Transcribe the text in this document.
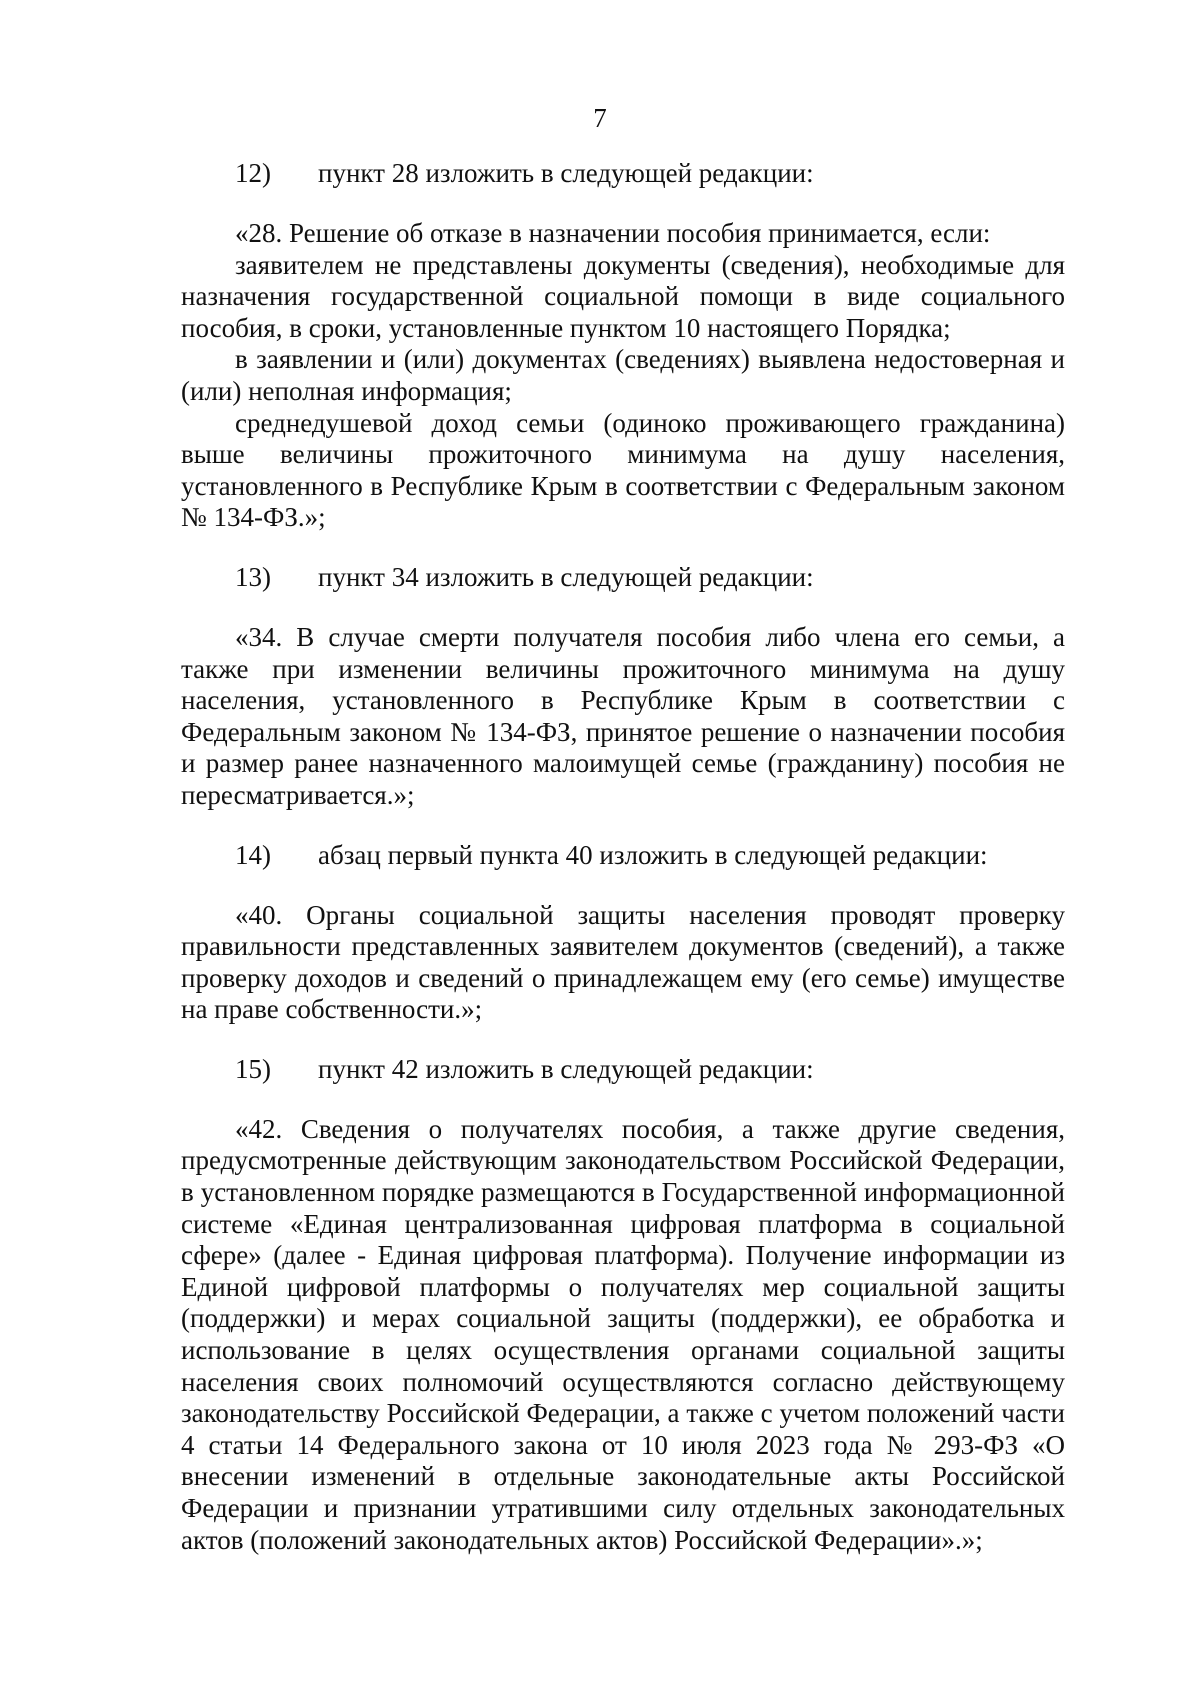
7
12) пункт 28 изложить в следующей редакции:

«28. Решение об отказе в назначении пособия принимается, если:

заявителем не представлены документы (сведения), необходимые для назначения государственной социальной помощи в виде социального пособия, в сроки, установленные пунктом 10 настоящего Порядка;

в заявлении и (или) документах (сведениях) выявлена недостоверная и (или) неполная информация;

среднедушевой доход семьи (одиноко проживающего гражданина) выше величины прожиточного минимума на душу населения, установленного в Республике Крым в соответствии с Федеральным законом № 134-ФЗ.»;

13) пункт 34 изложить в следующей редакции:

«34. В случае смерти получателя пособия либо члена его семьи, а также при изменении величины прожиточного минимума на душу населения, установленного в Республике Крым в соответствии с Федеральным законом № 134-ФЗ, принятое решение о назначении пособия и размер ранее назначенного малоимущей семье (гражданину) пособия не пересматривается.»;

14) абзац первый пункта 40 изложить в следующей редакции:

«40. Органы социальной защиты населения проводят проверку правильности представленных заявителем документов (сведений), а также проверку доходов и сведений о принадлежащем ему (его семье) имуществе на праве собственности.»;

15) пункт 42 изложить в следующей редакции:

«42. Сведения о получателях пособия, а также другие сведения, предусмотренные действующим законодательством Российской Федерации, в установленном порядке размещаются в Государственной информационной системе «Единая централизованная цифровая платформа в социальной сфере» (далее - Единая цифровая платформа). Получение информации из Единой цифровой платформы о получателях мер социальной защиты (поддержки) и мерах социальной защиты (поддержки), ее обработка и использование в целях осуществления органами социальной защиты населения своих полномочий осуществляются согласно действующему законодательству Российской Федерации, а также с учетом положений части 4 статьи 14 Федерального закона от 10 июля 2023 года № 293-ФЗ «О внесении изменений в отдельные законодательные акты Российской Федерации и признании утратившими силу отдельных законодательных актов (положений законодательных актов) Российской Федерации».»;
